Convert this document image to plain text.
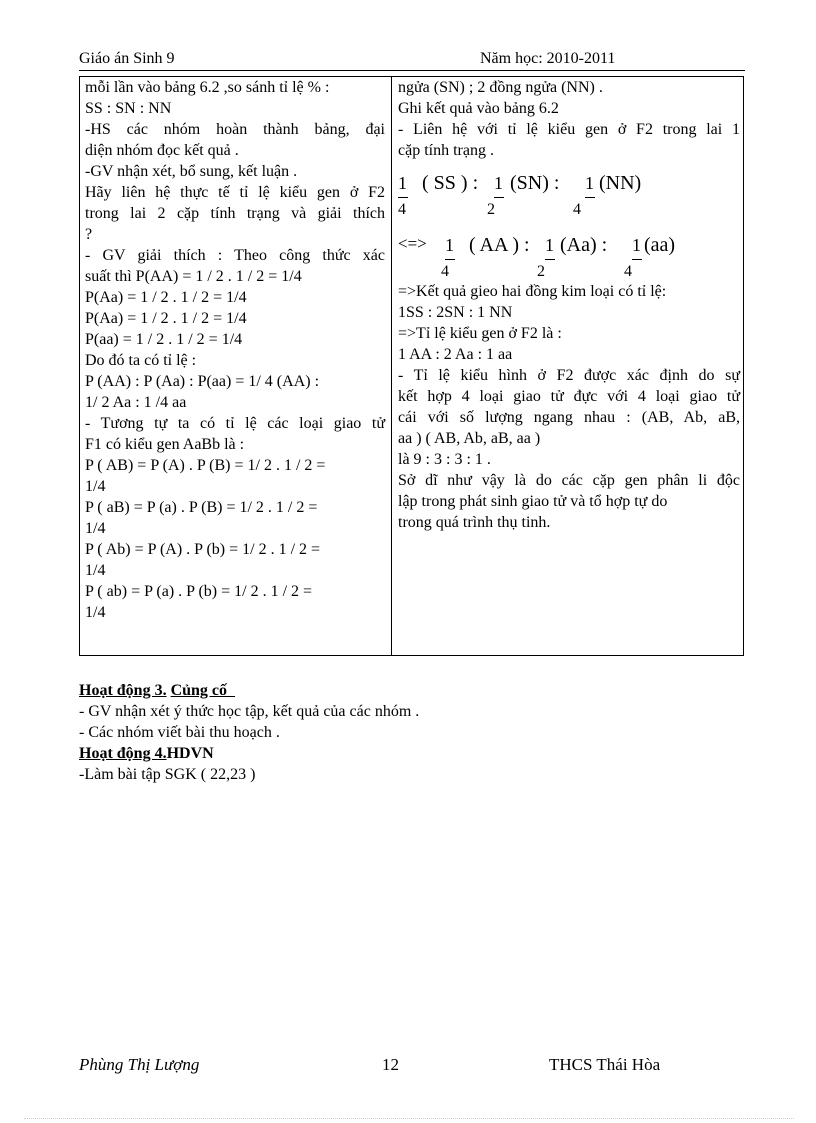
Giáo án Sinh 9	Năm học: 2010-2011
mỗi lần vào bảng 6.2 ,so sánh tỉ lệ % :
SS : SN : NN
-HS các nhóm hoàn thành bảng, đại
diện nhóm đọc kết quả .
-GV nhận xét, bổ sung, kết luận .
Hãy liên hệ thực tế tỉ lệ kiểu gen ở F2
trong lai 2 cặp tính trạng và giải thích
?
- GV giải thích : Theo công thức xác
suất thì P(AA) = 1 / 2 . 1 / 2 = 1/4
P(Aa) = 1 / 2 . 1 / 2 = 1/4
P(Aa) = 1 / 2 . 1 / 2 = 1/4
P(aa) = 1 / 2 . 1 / 2 = 1/4
Do đó ta có tỉ lệ :
P (AA) : P (Aa) : P(aa) = 1/ 4 (AA) :
1/ 2 Aa : 1 /4 aa
- Tương tự ta có tỉ lệ các loại giao tử
F1 có kiểu gen AaBb là :
P ( AB) = P (A) . P (B) = 1/ 2 . 1 / 2 =
1/4
P ( aB) = P (a) . P (B) = 1/ 2 . 1 / 2 =
1/4
P ( Ab) = P (A) . P (b) = 1/ 2 . 1 / 2 =
1/4
P ( ab) = P (a) . P (b) = 1/ 2 . 1 / 2 =
1/4
ngửa (SN) ; 2 đồng ngửa (NN) .
Ghi kết quả vào bảng 6.2
- Liên hệ với tỉ lệ kiểu gen ở F2 trong lai 1
cặp tính trạng .
1
4
( SS ) : 1
2
(SN) : 1
4
(NN)
<=> 1
4
( AA ) : 1
2
(Aa) : 1
4
(aa)
=>Kết quả gieo hai đồng kim loại có tỉ lệ:
1SS : 2SN : 1 NN
=>Tỉ lệ kiểu gen ở F2 là :
1 AA : 2 Aa : 1 aa
- Tỉ lệ kiểu hình ở F2 được xác định do sự
kết hợp 4 loại giao tử đực với 4 loại giao tử
cái với số lượng ngang nhau : (AB, Ab, aB,
aa ) ( AB, Ab, aB, aa )
là 9 : 3 : 3 : 1 .
Sở dĩ như vậy là do các cặp gen phân li độc
lập trong phát sinh giao tử và tổ hợp tự do
trong quá trình thụ tinh.
Hoạt động 3. Củng cố
- GV nhận xét ý thức học tập, kết quả của các nhóm .
- Các nhóm viết bài thu hoạch .
Hoạt động 4.HDVN
-Làm bài tập SGK ( 22,23 )
Phùng Thị Lượng	12	THCS Thái Hòa
